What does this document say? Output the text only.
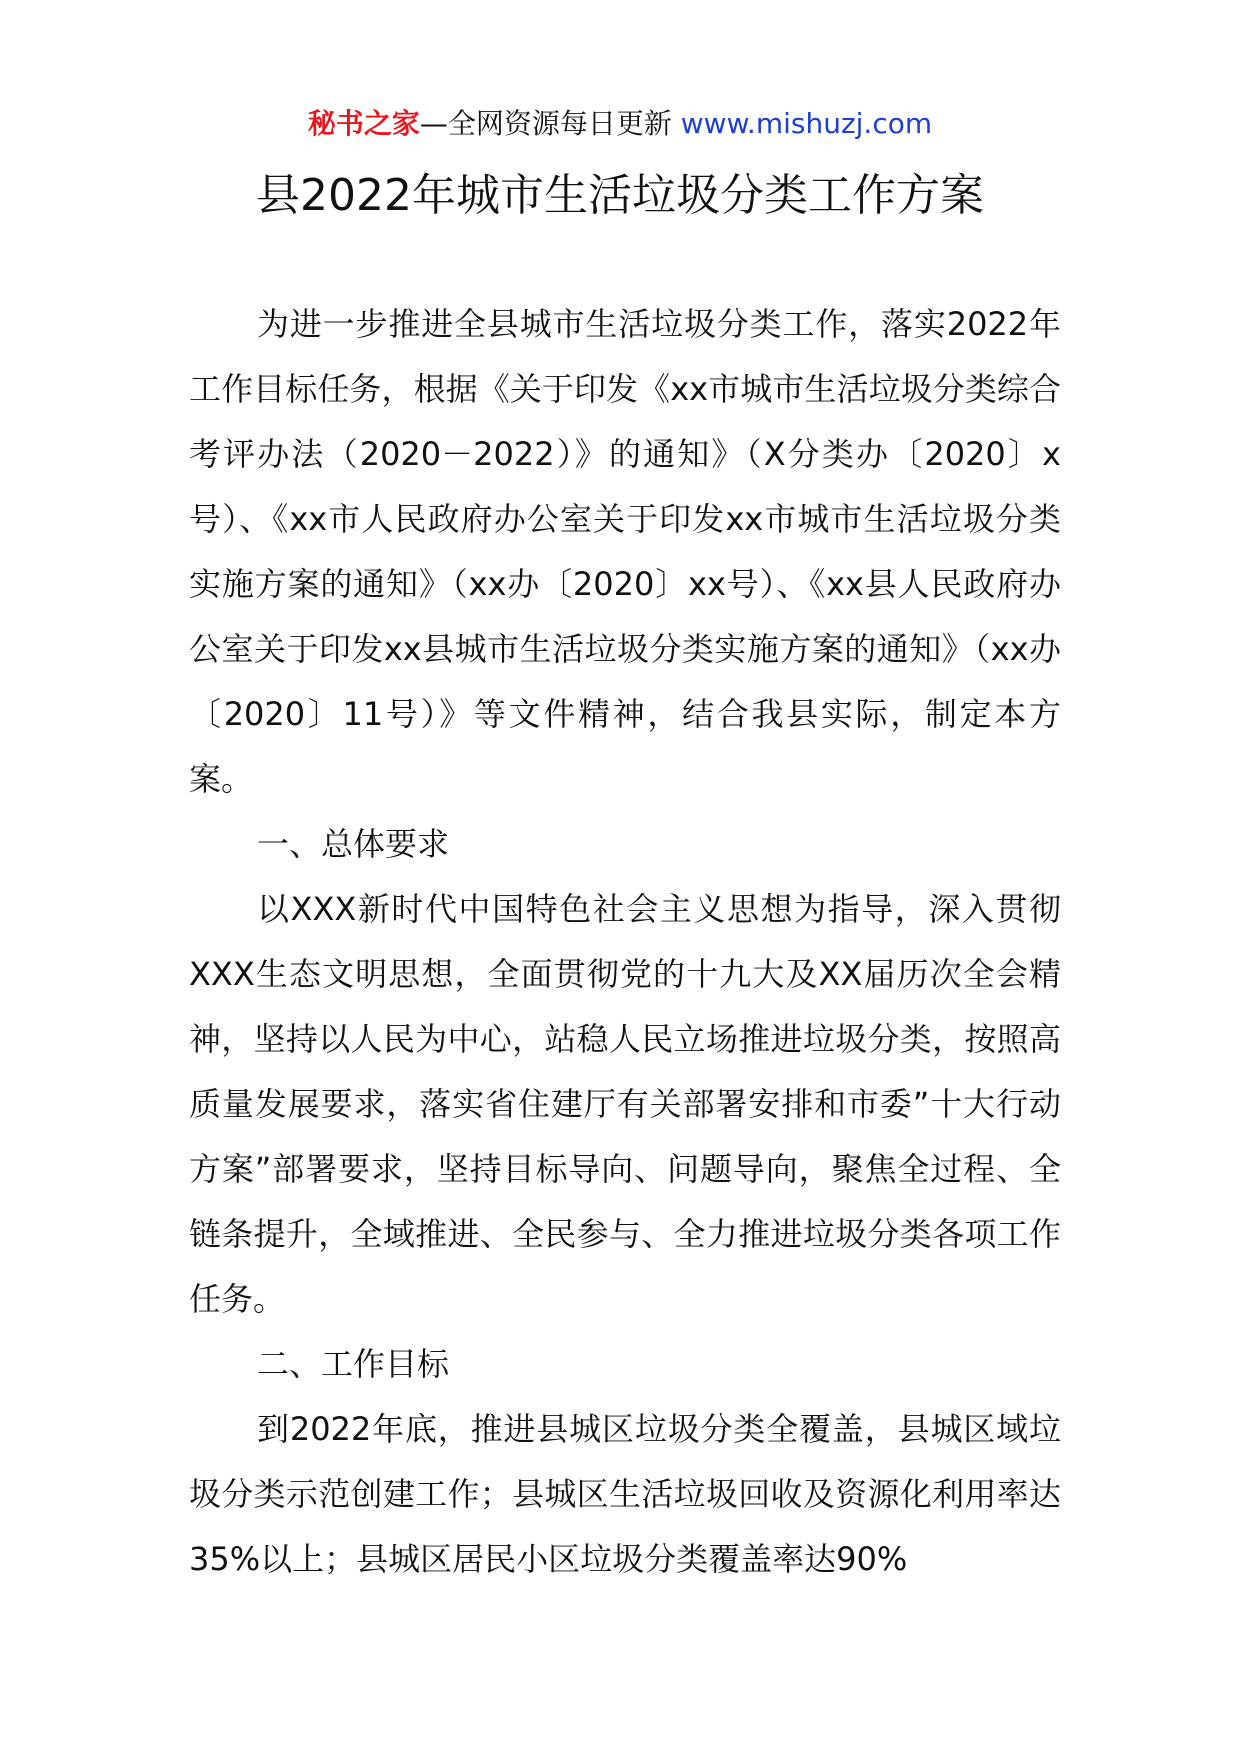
秘书之家—全网资源每日更新 www.mishuzj.com
县2022年城市生活垃圾分类工作方案

为进一步推进全县城市生活垃圾分类工作，落实2022年工作目标任务，根据《关于印发《xx市城市生活垃圾分类综合考评办法（2020－2022）》的通知》（X分类办〔2020〕x号）、《xx市人民政府办公室关于印发xx市城市生活垃圾分类实施方案的通知》（xx办〔2020〕xx号）、《xx县人民政府办公室关于印发xx县城市生活垃圾分类实施方案的通知》（xx办〔2020〕11号）》等文件精神，结合我县实际，制定本方案。

一、总体要求

以XXX新时代中国特色社会主义思想为指导，深入贯彻XXX生态文明思想，全面贯彻党的十九大及XX届历次全会精神，坚持以人民为中心，站稳人民立场推进垃圾分类，按照高质量发展要求，落实省住建厅有关部署安排和市委”十大行动方案”部署要求，坚持目标导向、问题导向，聚焦全过程、全链条提升，全域推进、全民参与、全力推进垃圾分类各项工作任务。

二、工作目标

到2022年底，推进县城区垃圾分类全覆盖，县城区域垃圾分类示范创建工作；县城区生活垃圾回收及资源化利用率达35%以上；县城区居民小区垃圾分类覆盖率达90%
